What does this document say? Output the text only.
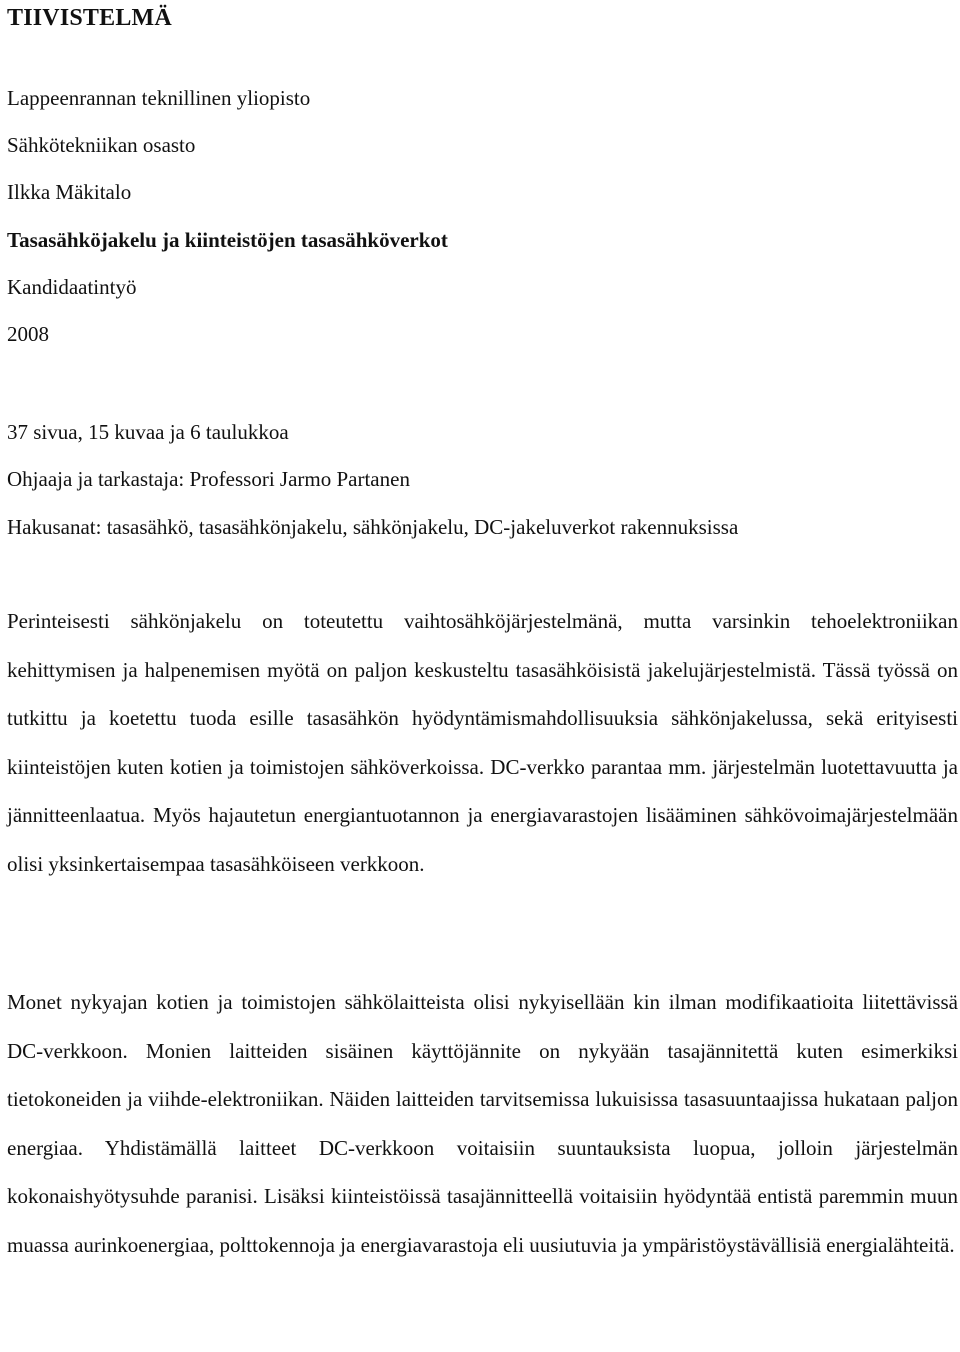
TIIVISTELMÄ

Lappeenrannan teknillinen yliopisto

Sähkötekniikan osasto

Ilkka Mäkitalo

Tasasähköjakelu ja kiinteistöjen tasasähköverkot

Kandidaatintyö

2008

37 sivua, 15 kuvaa ja 6 taulukkoa

Ohjaaja ja tarkastaja: Professori Jarmo Partanen

Hakusanat: tasasähkö, tasasähkönjakelu, sähkönjakelu, DC-jakeluverkot rakennuksissa

Perinteisesti sähkönjakelu on toteutettu vaihtosähköjärjestelmänä, mutta varsinkin tehoelektroniikan kehittymisen ja halpenemisen myötä on paljon keskusteltu tasasähköisistä jakelujärjestelmistä. Tässä työssä on tutkittu ja koetettu tuoda esille tasasähkön hyödyntämismahdollisuuksia sähkönjakelussa, sekä erityisesti kiinteistöjen kuten kotien ja toimistojen sähköverkoissa. DC-verkko parantaa mm. järjestelmän luotettavuutta ja jännitteenlaatua. Myös hajautetun energiantuotannon ja energiavarastojen lisääminen sähkövoimajärjestelmään olisi yksinkertaisempaa tasasähköiseen verkkoon.

Monet nykyajan kotien ja toimistojen sähkölaitteista olisi nykyisellään kin ilman modifikaatioita liitettävissä DC-verkkoon. Monien laitteiden sisäinen käyttöjännite on nykyään tasajännitettä kuten esimerkiksi tietokoneiden ja viihde-elektroniikan. Näiden laitteiden tarvitsemissa lukuisissa tasasuuntaajissa hukataan paljon energiaa. Yhdistämällä laitteet DC-verkkoon voitaisiin suuntauksista luopua, jolloin järjestelmän kokonaishyötysuhde paranisi. Lisäksi kiinteistöissä tasajännitteellä voitaisiin hyödyntää entistä paremmin muun muassa aurinkoenergiaa, polttokennoja ja energiavarastoja eli uusiutuvia ja ympäristöystävällisiä energialähteitä.
